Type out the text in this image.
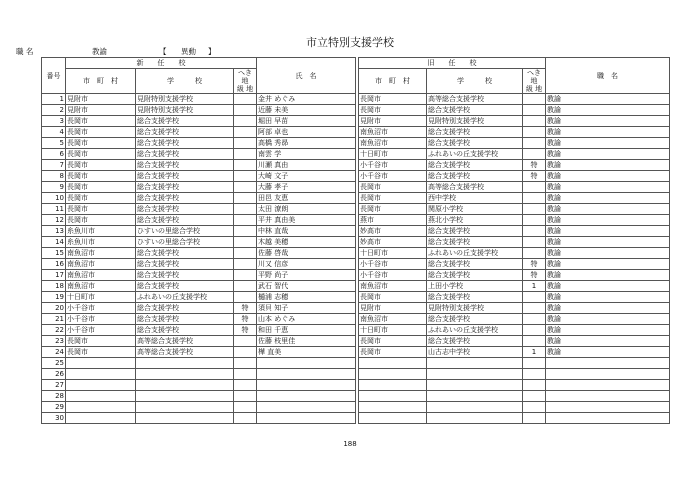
市立特別支援学校
職 名	教諭	【 異動 】
番号	新　　任　　校			氏　名		旧　　任　　校			職　名
	市　町　村	学　　　校	へき地
級 地			市　町　村	学　　　校	へき地
級 地	
1	見附市	見附特別支援学校		金井 めぐみ		長岡市	高等総合支援学校		教諭
2	見附市	見附特別支援学校		近藤 未美		長岡市	総合支援学校		教諭
3	長岡市	総合支援学校		堀田 早苗		見附市	見附特別支援学校		教諭
4	長岡市	総合支援学校		阿部 卓也		南魚沼市	総合支援学校		教諭
5	長岡市	総合支援学校		高橋 秀昴		南魚沼市	総合支援学校		教諭
6	長岡市	総合支援学校		南雲 学		十日町市	ふれあいの丘支援学校		教諭
7	長岡市	総合支援学校		川瀬 真由		小千谷市	総合支援学校	特	教諭
8	長岡市	総合支援学校		大崎 文子		小千谷市	総合支援学校	特	教諭
9	長岡市	総合支援学校		大藤 孝子		長岡市	高等総合支援学校		教諭
10	長岡市	総合支援学校		田邑 友恵		長岡市	西中学校		教諭
11	長岡市	総合支援学校		太田 潦朗		長岡市	関原小学校		教諭
12	長岡市	総合支援学校		平井 真由美		燕市	燕北小学校		教諭
13	糸魚川市	ひすいの里総合学校		中林 直哉		妙高市	総合支援学校		教諭
14	糸魚川市	ひすいの里総合学校		木越 美穂		妙高市	総合支援学校		教諭
15	南魚沼市	総合支援学校		佐藤 啓哉		十日町市	ふれあいの丘支援学校		教諭
16	南魚沼市	総合支援学校		川又 信彦		小千谷市	総合支援学校	特	教諭
17	南魚沼市	総合支援学校		平野 尚子		小千谷市	総合支援学校	特	教諭
18	南魚沼市	総合支援学校		武石 智代		南魚沼市	上田小学校	1	教諭
19	十日町市	ふれあいの丘支援学校		樋浦 志穂		長岡市	総合支援学校		教諭
20	小千谷市	総合支援学校	特	須貝 知子		見附市	見附特別支援学校		教諭
21	小千谷市	総合支援学校	特	山本 めぐみ		南魚沼市	総合支援学校		教諭
22	小千谷市	総合支援学校	特	和田 千恵		十日町市	ふれあいの丘支援学校		教諭
23	長岡市	高等総合支援学校		佐藤 枝里佳		長岡市	総合支援学校		教諭
24	長岡市	高等総合支援学校		樺 直美		長岡市	山古志中学校	1	教諭
25									
26									
27									
28									
29									
30									
188
